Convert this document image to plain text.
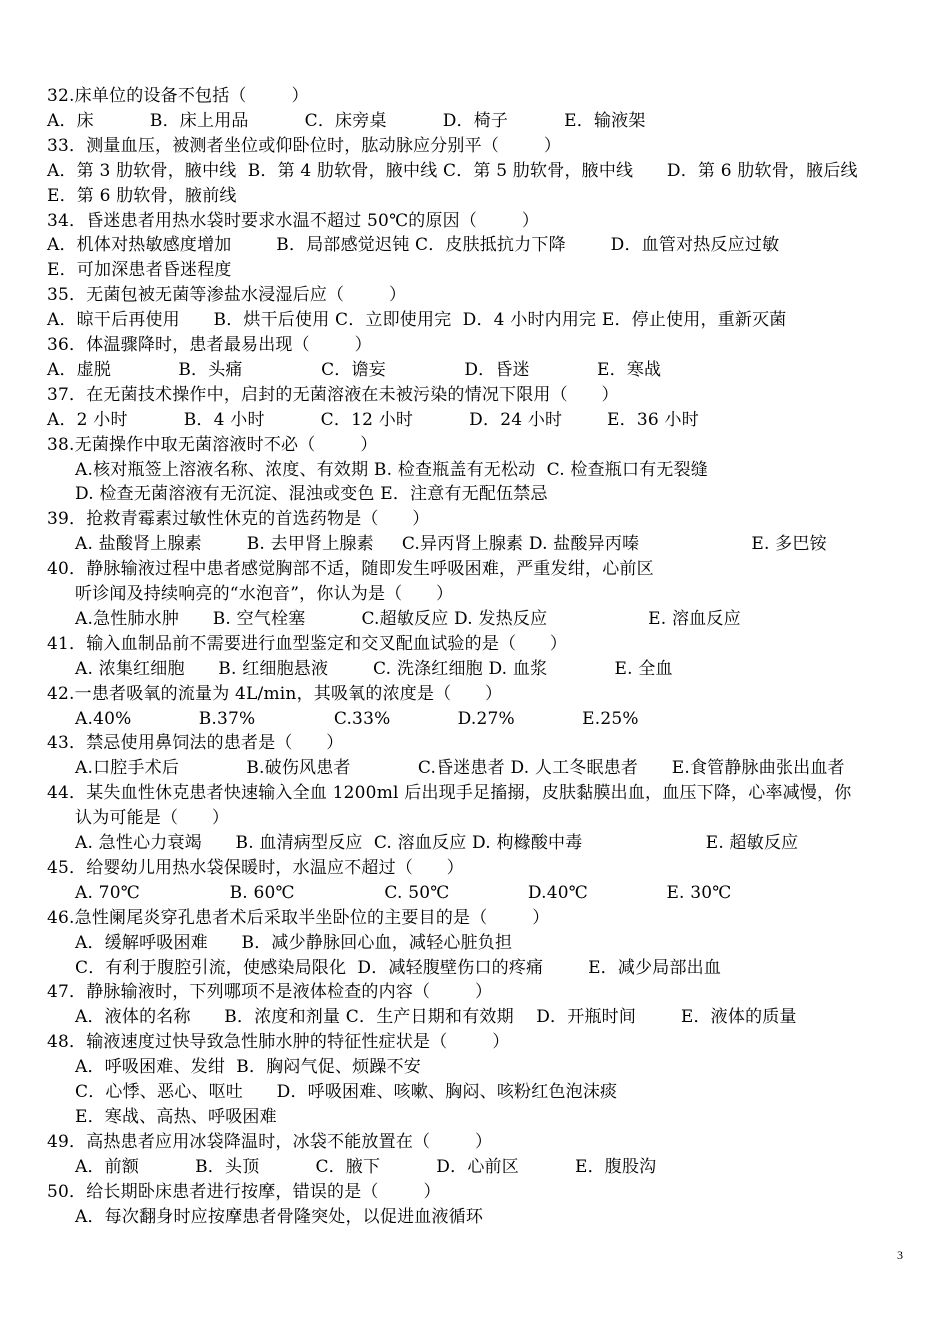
32.床单位的设备不包括（        ）
A．床          B．床上用品          C．床旁桌          D．椅子          E．输液架
33．测量血压，被测者坐位或仰卧位时，肱动脉应分别平（        ）
A．第 3 肋软骨，腋中线  B．第 4 肋软骨，腋中线 C．第 5 肋软骨，腋中线      D．第 6 肋软骨，腋后线
E．第 6 肋软骨，腋前线
34．昏迷患者用热水袋时要求水温不超过 50℃的原因（        ）
A．机体对热敏感度增加        B．局部感觉迟钝 C．皮肤抵抗力下降        D．血管对热反应过敏
E．可加深患者昏迷程度
35．无菌包被无菌等渗盐水浸湿后应（        ）
A．晾干后再使用      B．烘干后使用 C．立即使用完  D．4 小时内用完 E．停止使用，重新灭菌
36．体温骤降时，患者最易出现（        ）
A．虚脱            B．头痛              C．谵妄              D．昏迷            E．寒战
37．在无菌技术操作中，启封的无菌溶液在未被污染的情况下限用（      ）
A．2 小时          B．4 小时          C．12 小时          D．24 小时        E．36 小时
38.无菌操作中取无菌溶液时不必（        ）
A.核对瓶签上溶液名称、浓度、有效期 B. 检查瓶盖有无松动  C. 检查瓶口有无裂缝
D. 检查无菌溶液有无沉淀、混浊或变色 E．注意有无配伍禁忌
39．抢救青霉素过敏性休克的首选药物是（      ）
A. 盐酸肾上腺素        B. 去甲肾上腺素     C.异丙肾上腺素 D. 盐酸异丙嗪                    E. 多巴铵
40．静脉输液过程中患者感觉胸部不适，随即发生呼吸困难，严重发绀，心前区
听诊闻及持续响亮的“水泡音”，你认为是（      ）
A.急性肺水肿      B. 空气栓塞          C.超敏反应 D. 发热反应                  E. 溶血反应
41．输入血制品前不需要进行血型鉴定和交叉配血试验的是（      ）
A. 浓集红细胞      B. 红细胞悬液        C. 洗涤红细胞 D. 血浆            E. 全血
42.一患者吸氧的流量为 4L/min，其吸氧的浓度是（      ）
A.40%            B.37%              C.33%            D.27%            E.25%
43．禁忌使用鼻饲法的患者是（      ）
A.口腔手术后            B.破伤风患者            C.昏迷患者 D. 人工冬眠患者      E.食管静脉曲张出血者
44．某失血性休克患者快速输入全血 1200ml 后出现手足搐搦，皮肤黏膜出血，血压下降，心率减慢，你
认为可能是（      ）
A. 急性心力衰竭      B. 血清病型反应  C. 溶血反应 D. 枸橼酸中毒                      E. 超敏反应
45．给婴幼儿用热水袋保暖时，水温应不超过（      ）
A. 70℃                B. 60℃                C. 50℃              D.40℃              E. 30℃
46.急性阑尾炎穿孔患者术后采取半坐卧位的主要目的是（        ）
A．缓解呼吸困难      B．减少静脉回心血，减轻心脏负担
C．有利于腹腔引流，使感染局限化  D．减轻腹壁伤口的疼痛        E．减少局部出血
47．静脉输液时，下列哪项不是液体检查的内容（        ）
A．液体的名称      B．浓度和剂量 C．生产日期和有效期    D．开瓶时间        E．液体的质量
48．输液速度过快导致急性肺水肿的特征性症状是（        ）
A．呼吸困难、发绀  B．胸闷气促、烦躁不安
C．心悸、恶心、呕吐      D．呼吸困难、咳嗽、胸闷、咳粉红色泡沫痰
E．寒战、高热、呼吸困难
49．高热患者应用冰袋降温时，冰袋不能放置在（        ）
A．前额          B．头顶          C．腋下          D．心前区          E．腹股沟
50．给长期卧床患者进行按摩，错误的是（        ）
A．每次翻身时应按摩患者骨隆突处，以促进血液循环
3
